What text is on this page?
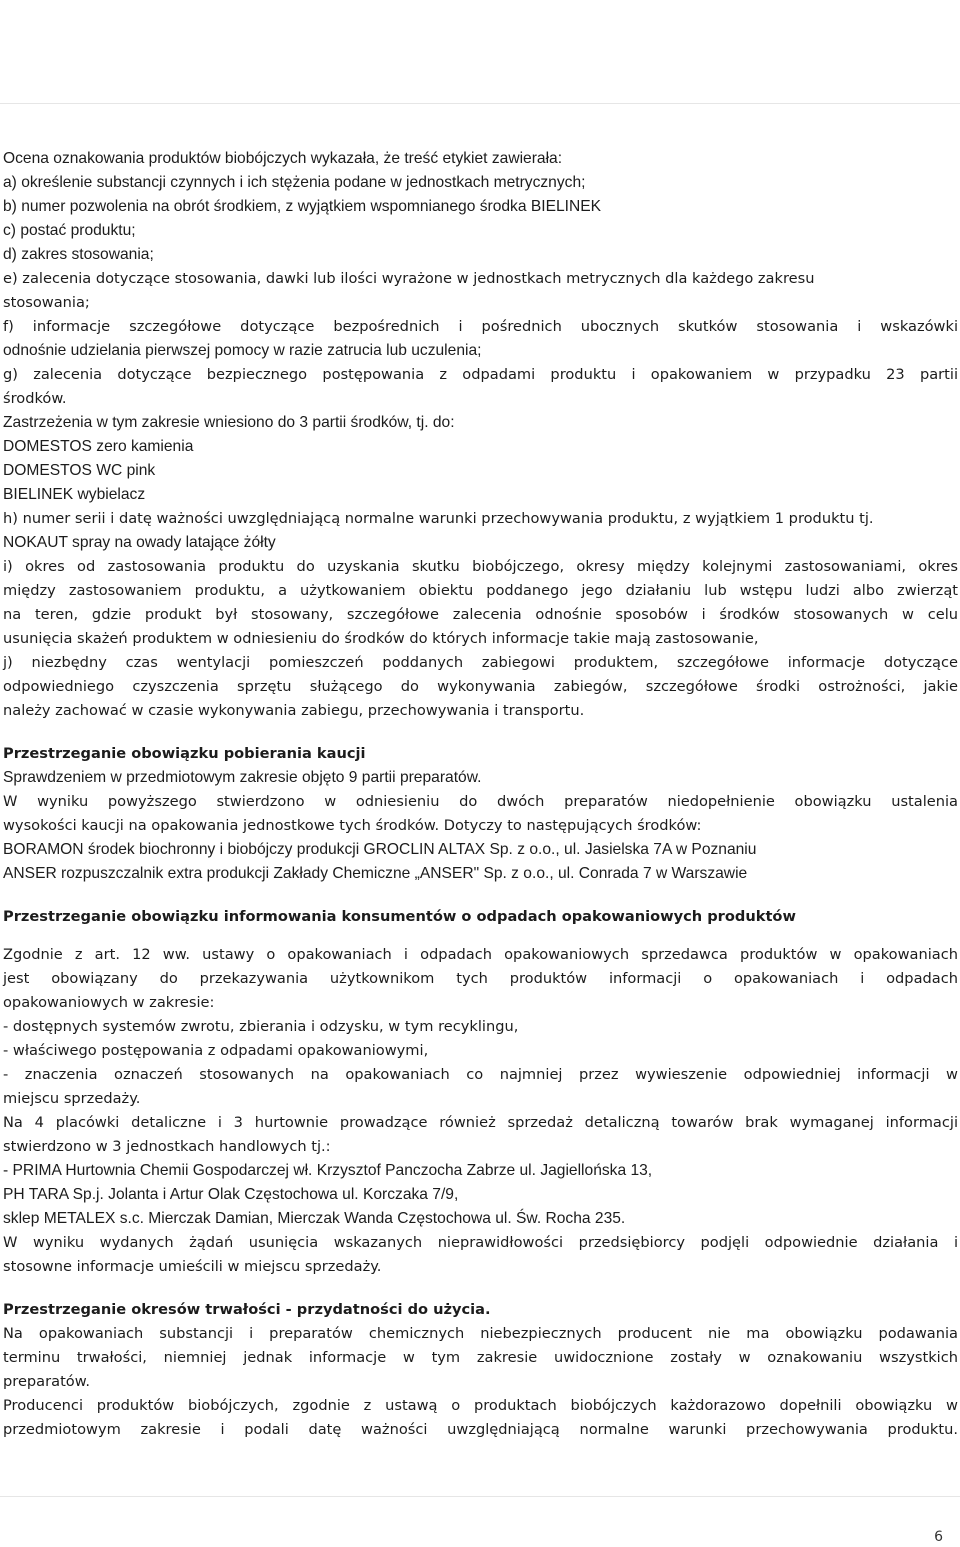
Ocena oznakowania produktów biobójczych wykazała, że treść etykiet zawierała:
a) określenie substancji czynnych i ich stężenia podane w jednostkach metrycznych;
b) numer pozwolenia na obrót środkiem, z wyjątkiem wspomnianego środka BIELINEK
c) postać produktu;
d) zakres stosowania;
e) zalecenia dotyczące stosowania, dawki lub ilości wyrażone w jednostkach metrycznych dla każdego zakresu
stosowania;
f) informacje szczegółowe dotyczące bezpośrednich i pośrednich ubocznych skutków stosowania i wskazówki
odnośnie udzielania pierwszej pomocy w razie zatrucia lub uczulenia;
g) zalecenia dotyczące bezpiecznego postępowania z odpadami produktu i opakowaniem w przypadku 23 partii
środków.
Zastrzeżenia w tym zakresie wniesiono do 3 partii środków, tj. do:
DOMESTOS zero kamienia
DOMESTOS WC pink
BIELINEK wybielacz
h) numer serii i datę ważności uwzględniającą normalne warunki przechowywania produktu, z wyjątkiem 1 produktu tj.
NOKAUT spray na owady latające żółty
i) okres od zastosowania produktu do uzyskania skutku biobójczego, okresy między kolejnymi zastosowaniami, okres
między zastosowaniem produktu, a użytkowaniem obiektu poddanego jego działaniu lub wstępu ludzi albo zwierząt
na teren, gdzie produkt był stosowany, szczegółowe zalecenia odnośnie sposobów i środków stosowanych w celu
usunięcia skażeń produktem w odniesieniu do środków do których informacje takie mają zastosowanie,
j) niezbędny czas wentylacji pomieszczeń poddanych zabiegowi produktem, szczegółowe informacje dotyczące
odpowiedniego czyszczenia sprzętu służącego do wykonywania zabiegów, szczegółowe środki ostrożności, jakie
należy zachować w czasie wykonywania zabiegu, przechowywania i transportu.
Przestrzeganie obowiązku pobierania kaucji
Sprawdzeniem w przedmiotowym zakresie objęto 9 partii preparatów.
W wyniku powyższego stwierdzono w odniesieniu do dwóch preparatów niedopełnienie obowiązku ustalenia
wysokości kaucji na opakowania jednostkowe tych środków. Dotyczy to następujących środków:
BORAMON środek biochronny i biobójczy produkcji GROCLIN ALTAX Sp. z o.o., ul. Jasielska 7A w Poznaniu
ANSER rozpuszczalnik extra produkcji Zakłady Chemiczne „ANSER" Sp. z o.o., ul. Conrada 7 w Warszawie
Przestrzeganie obowiązku informowania konsumentów o odpadach opakowaniowych produktów
Zgodnie z art. 12 ww. ustawy o opakowaniach i odpadach opakowaniowych sprzedawca produktów w opakowaniach
jest obowiązany do przekazywania użytkownikom tych produktów informacji o opakowaniach i odpadach
opakowaniowych w zakresie:
- dostępnych systemów zwrotu, zbierania i odzysku, w tym recyklingu,
- właściwego postępowania z odpadami opakowaniowymi,
- znaczenia oznaczeń stosowanych na opakowaniach co najmniej przez wywieszenie odpowiedniej informacji w
miejscu sprzedaży.
Na 4 placówki detaliczne i 3 hurtownie prowadzące również sprzedaż detaliczną towarów brak wymaganej informacji
stwierdzono w 3 jednostkach handlowych tj.:
- PRIMA Hurtownia Chemii Gospodarczej wł. Krzysztof Panczocha Zabrze ul. Jagiellońska 13,
PH TARA Sp.j. Jolanta i Artur Olak Częstochowa ul. Korczaka 7/9,
sklep METALEX s.c. Mierczak Damian, Mierczak Wanda Częstochowa ul. Św. Rocha 235.
W wyniku wydanych żądań usunięcia wskazanych nieprawidłowości przedsiębiorcy podjęli odpowiednie działania i
stosowne informacje umieścili w miejscu sprzedaży.
Przestrzeganie okresów trwałości - przydatności do użycia.
Na opakowaniach substancji i preparatów chemicznych niebezpiecznych producent nie ma obowiązku podawania
terminu trwałości, niemniej jednak informacje w tym zakresie uwidocznione zostały w oznakowaniu wszystkich
preparatów.
Producenci produktów biobójczych, zgodnie z ustawą o produktach biobójczych każdorazowo dopełnili obowiązku w
przedmiotowym zakresie i podali datę ważności uwzględniającą normalne warunki przechowywania produktu.
6
